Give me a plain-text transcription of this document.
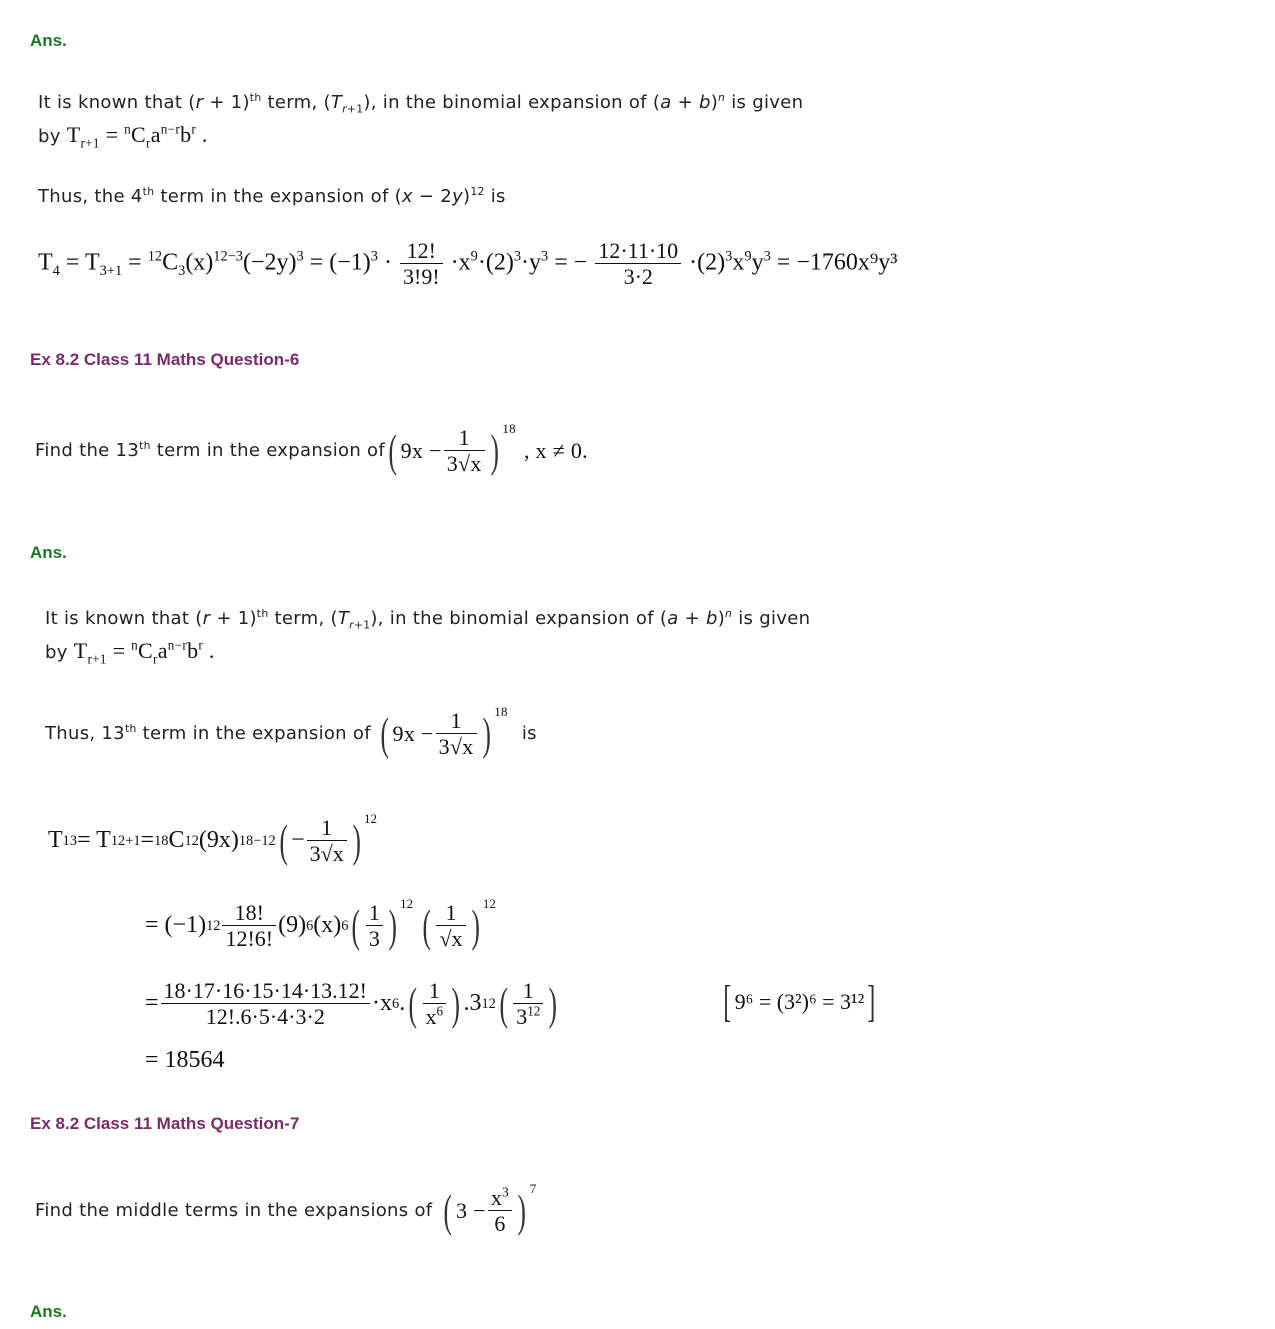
Ans.
It is known that $(r + 1)^{th}$ term, $(T_{r+1})$, in the binomial expansion of $(a + b)^n$ is given
by $T_{r+1} = ^nC_ra^{n-r}b^r$ .
Thus, the 4th term in the expansion of $(x - 2y)^{12}$ is
$T_4 = T_{3+1} = ^{12}C_3(x)^{12-3}(-2y)^3 = (-1)^3 \cdot \frac{12!}{3!9!} \cdot x^9\cdot(2)^3\cdot y^3$ = − $\frac{12\cdot 11\cdot 10}{3\cdot 2} \cdot(2)^3x^9y^3 = -1760x^9y^3$
Ex 8.2 Class 11 Maths Question-6
Find the 13th term in the expansion of ( $9x - \frac{1}{3√x}$ ) $^{18}$
, x ≠ 0.
Ans.
It is known that $(r + 1)^{th}$ term, $(T_{r+1})$, in the binomial expansion of $(a + b)^n$ is given
by $T_{r+1} = ^nC_ra^{n-r}b^r$ .
Thus, 13th term in the expansion of ( $9x - \frac{1}{3√x}$ ) $^{18}$
is
T 13 = T 12+1 = 18 C 12 (9x) 18−12 ( − $\frac{1}{3√x}$ ) $^{12}$
= (−1) $12 \frac{18!}{12!6!} (9)$ 6 (x) 6 ( $\frac{1}{3}$ ) $^{12}$ ( $\frac{1}{√x}$ ) $^{12}$
= $\frac{18\cdot 17\cdot 16\cdot 15\cdot 14\cdot 13.12!}{12!.6\cdot 5\cdot 4\cdot 3\cdot 2} \cdot x$ 6 . ( $\frac{1}{x^6}$ ) .3 12 ( $\frac{1}{3^{12}}$ )	[ 9⁶ = (3²)⁶ = 3¹² ]
= 18564
Ex 8.2 Class 11 Maths Question-7
Find the middle terms in the expansions of ( $3 - \frac{x^3}{6}$ ) $^7$
Ans.
